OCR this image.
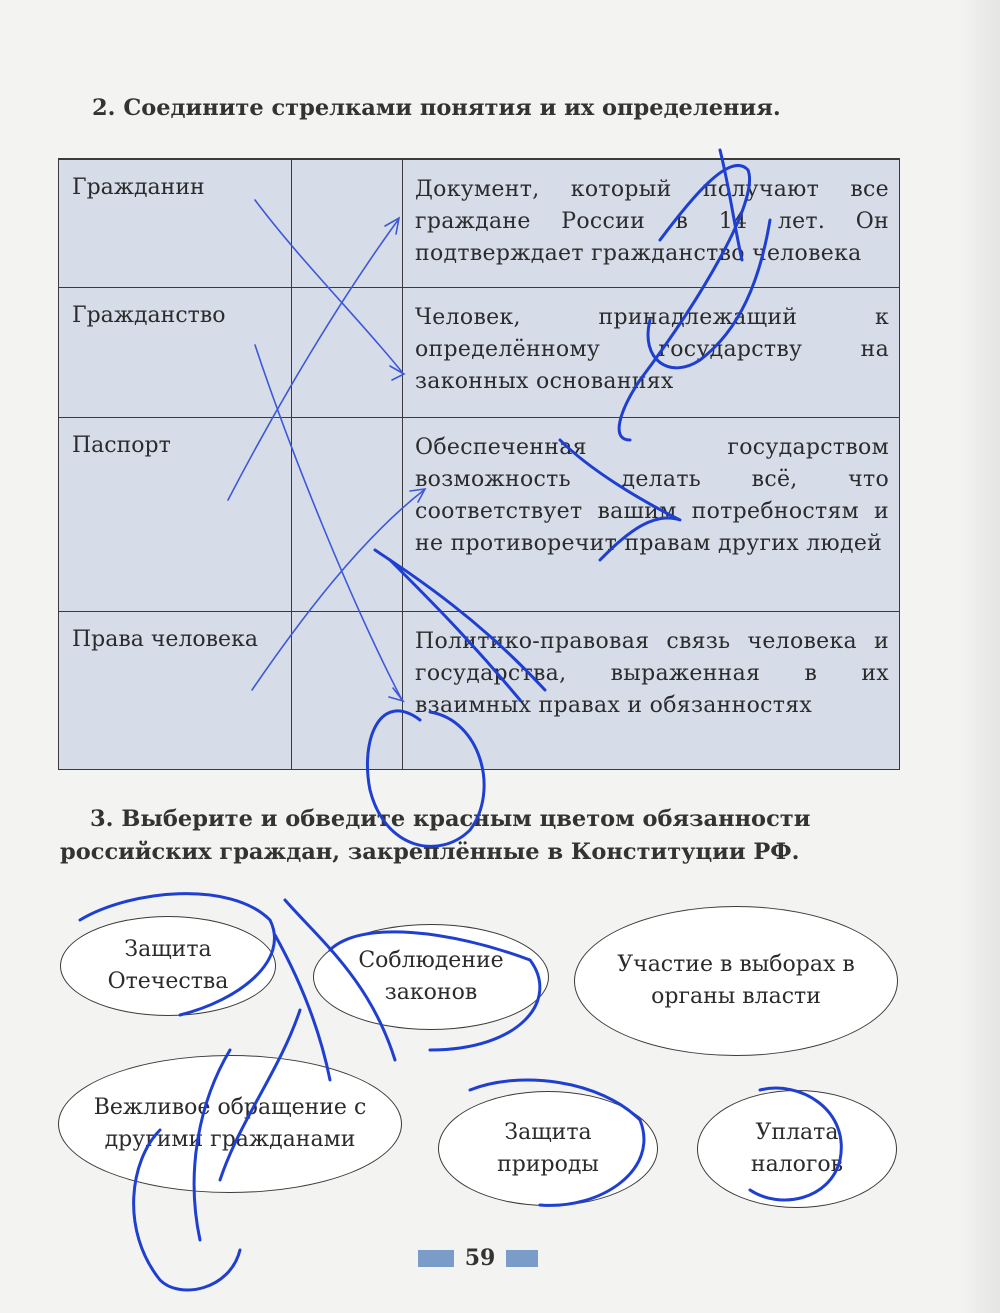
2. Соедините стрелками понятия и их определения.
Гражданин	Документ, который получают все граждане России в 14 лет. Он подтверждает гражданство человека
Гражданство	Человек, принадлежащий к определённому государству на законных основаниях
Паспорт	Обеспеченная государством возможность делать всё, что соответствует вашим потребностям и не противоречит правам других людей
Права человека	Политико-правовая связь человека и государства, выраженная в их взаимных правах и обязанностях
3. Выберите и обведите красным цветом обязанности российских граждан, закреплённые в Конституции РФ.
Защита Отечества
Соблюдение законов
Участие в выборах в органы власти
Вежливое обращение с другими гражданами	Защита природы
Уплата налогов
59
